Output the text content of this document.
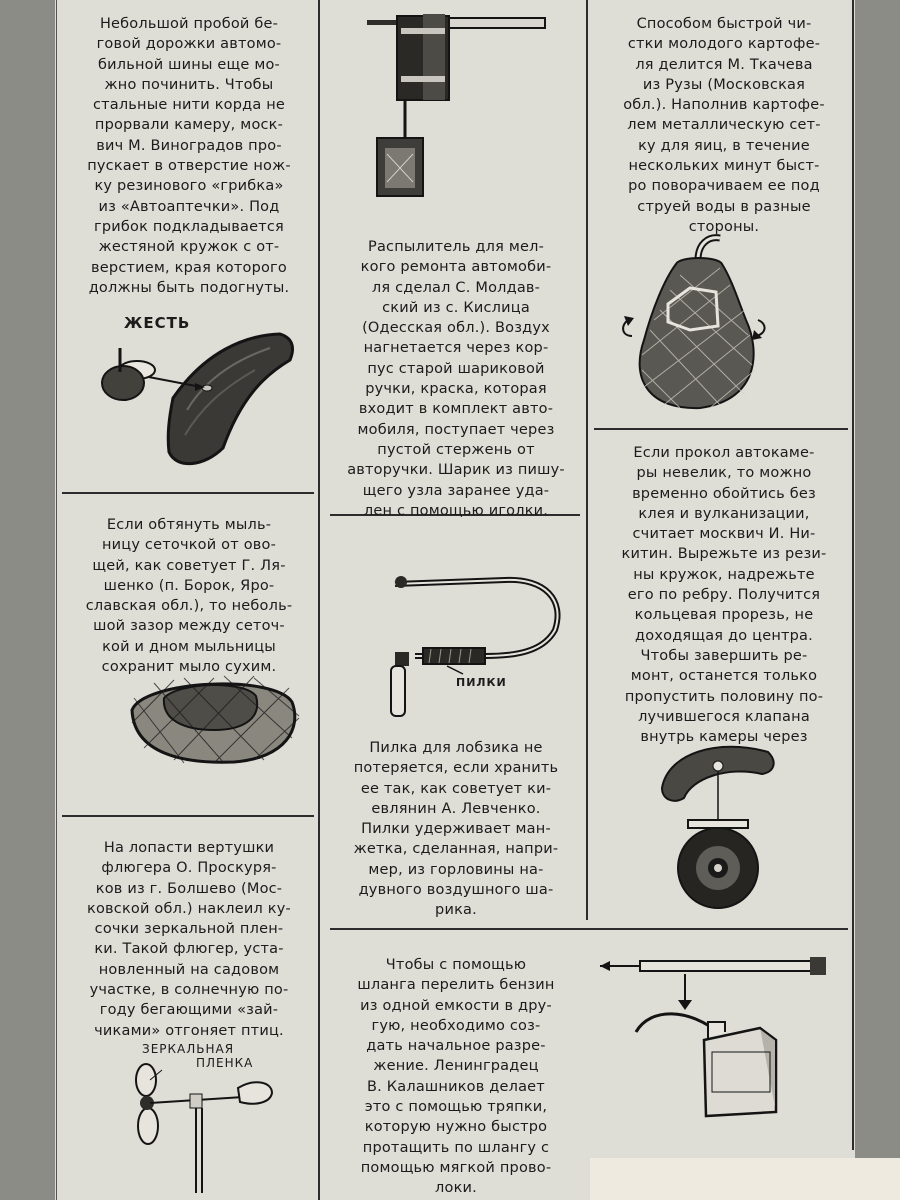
Небольшой пробой бе-
говой дорожки автомо-
бильной шины еще мо-
жно починить. Чтобы
стальные нити корда не
прорвали камеру, моск-
вич М. Виноградов про-
пускает в отверстие нож-
ку резинового «грибка»
из «Автоаптечки». Под
грибок подкладывается
жестяной кружок с от-
верстием, края которого
должны быть подогнуты.

ЖЕСТЬ

Если обтянуть мыль-
ницу сеточкой от ово-
щей, как советует Г. Ля-
шенко (п. Борок, Яро-
славская обл.), то неболь-
шой зазор между сеточ-
кой и дном мыльницы
сохранит мыло сухим.

На лопасти вертушки
флюгера О. Проскуря-
ков из г. Болшево (Мос-
ковской обл.) наклеил ку-
сочки зеркальной плен-
ки. Такой флюгер, уста-
новленный на садовом
участке, в солнечную по-
году бегающими «зай-
чиками» отгоняет птиц.

ЗЕРКАЛЬНАЯ
ПЛЕНКА

Распылитель для мел-
кого ремонта автомоби-
ля сделал С. Молдав-
ский из с. Кислица
(Одесская обл.). Воздух
нагнетается через кор-
пус старой шариковой
ручки, краска, которая
входит в комплект авто-
мобиля, поступает через
пустой стержень от
авторучки. Шарик из пишу-
щего узла заранее уда-
лен с помощью иголки.

ПИЛКИ

Пилка для лобзика не
потеряется, если хранить
ее так, как советует ки-
евлянин А. Левченко.
Пилки удерживает ман-
жетка, сделанная, напри-
мер, из горловины на-
дувного воздушного ша-
рика.

Способом быстрой чи-
стки молодого картофе-
ля делится М. Ткачева
из Рузы (Московская
обл.). Наполнив картофе-
лем металлическую сет-
ку для яиц, в течение
нескольких минут быст-
ро поворачиваем ее под
струей воды в разные
стороны.

Если прокол автокаме-
ры невелик, то можно
временно обойтись без
клея и вулканизации,
считает москвич И. Ни-
китин. Вырежьте из рези-
ны кружок, надрежьте
его по ребру. Получится
кольцевая прорезь, не
доходящая до центра.
Чтобы завершить ре-
монт, останется только
пропустить половину по-
лучившегося клапана
внутрь камеры через

Чтобы с помощью
шланга перелить бензин
из одной емкости в дру-
гую, необходимо соз-
дать начальное разре-
жение. Ленинградец
В. Калашников делает
это с помощью тряпки,
которую нужно быстро
протащить по шлангу с
помощью мягкой прово-
локи.
